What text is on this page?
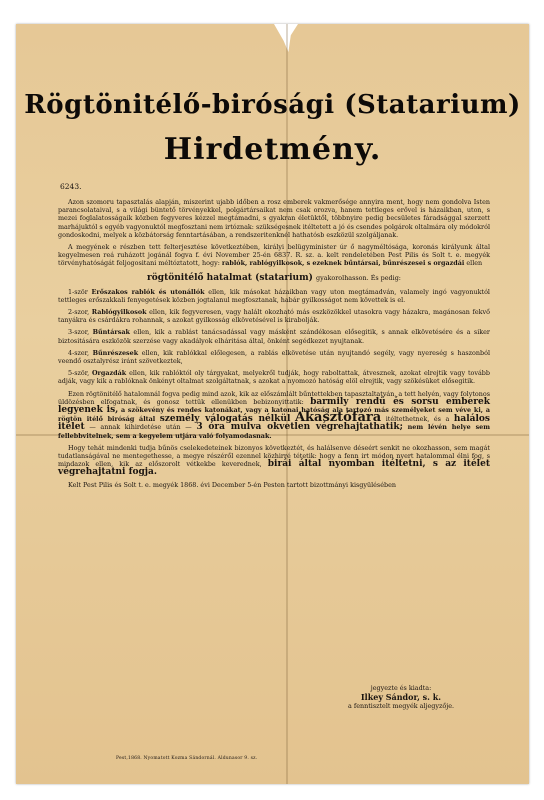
Rögtönitélő-birósági (Statarium)
Hirdetmény.
6243.

Azon szomoru tapasztalás alapján, miszerint ujabb időben a rosz emberek vakmerősége annyira ment, hogy nem gondolva Isten parancsolataival, s a világi büntető törvényekkel, polgártársaikat nem csak orozva, hanem tettleges erővel is házaikban, uton, s mezei foglalatosságaik közben fegyveres kézzel megtámadni, s gyakran életüktől, többnyire pedig becsületes fáradsággal szerzett marhájuktól s egyéb vagyonuktól megfosztani nem irtóznak: szükségesnek itéltetett a jó és csendes polgárok oltalmára oly módokról gondoskodni, melyek a közbátorság fenntartásában, a rendszeritenknél hathatósb eszközül szolgáljanak.

A megyének e részben tett felterjesztése következtében, királyi belügyminister úr ő nagyméltósága, koronás királyunk által kegyelmesen reá ruházott jogánál fogva f. évi November 25-én 6837. R. sz. a. kelt rendeletében Pest Pilis és Solt t. e. megyék törvényhatóságát feljogositani méltóztatott, hogy: rablók, rablógyilkosok, s ezeknek bűntársai, bűnrészesei s orgazdái ellen

rögtönitélő hatalmat (statarium) gyakorolhasson. És pedig:

1-ször Erőszakos rablók és utonállók ellen, kik másokat házaikban vagy uton megtámadván, valamely ingó vagyonuktól tettleges erőszakkali fenyegetések közben jogtalanul megfosztanak, habár gyilkosságot nem követtek is el.

2-szor, Rablógyilkosok ellen, kik fegyveresen, vagy halált okozható más eszközökkel utasokra vagy házakra, magánosan fekvő tanyákra és csárdákra rohannak, s azokat gyilkosság elkövetésével is kirabolják.

3-szor, Bűntársak ellen, kik a rablást tanácsadással vagy másként szándékosan elősegitik, s annak elkövetésére és a siker biztositására eszközök szerzése vagy akadályok elháritása által, önként segédkezet nyujtanak.

4-szer, Bűnrészesek ellen, kik rablókkal előlegesen, a rablás elkövetése után nyujtandó segély, vagy nyereség s haszonból veendő osztalyrész iránt szövetkeztek,

5-ször, Orgazdák ellen, kik rablóktól oly tárgyakat, melyekről tudják, hogy raboltattak, átvesznek, azokat elrejtik vagy tovább adják, vagy kik a rablóknak önkényt oltalmat szolgáltatnak, s azokat a nyomozó hatóság elöl elrejtik, vagy szökésüket elősegitik.

Ezen rögtönitélő hatalomnál fogva pedig mind azok, kik az előszámlált bűntettekben tapasztaltatván, a tett helyén, vagy folytonos üldözésben elfogatnak, és gonosz tettük ellenükben bebizonyittatik: barmily rendű és sorsu emberek legyenek is, a szökevény és rendes katonákat, vagy a katonai hatóság ala tartozó más személyeket sem véve ki, a rögtön itélő biróság által személy válogatás nélkül Akasztófára itéltethetnek, és a halálos itélet — annak kihirdetése után — 3 óra mulva okvetlen végrehajtathatik; nem lévén helye sem fellebbvitelnek, sem a kegyelem utjára való folyamodasnak.

Hogy tehát mindenki tudja bűnös cselekedeteinek bizonyos következtét, és halálsenve déseért senkit ne okozhasson, sem magát tudatlanságával ne mentegethesse, a megye részéről ezennel közhirré tétetik: hogy a fenn irt módon nyert hatalommal élni fog, s mindazok ellen, kik az előszorolt vétkekbe keverednek, birái által nyomban itéltetni, s az itélet végrehajtatni fogja.

Kelt Pest Pilis és Solt t. e. megyék 1868. évi December 5-én Pesten tartott bizottmányi kisgyülésében

jegyezte és kiadta:
Ilkey Sándor, s. k.
a fenntisztelt megyék aljegyzője.
Pest,1868. Nyomatott Kozma Sándornál. Aldunasor 9. sz.
